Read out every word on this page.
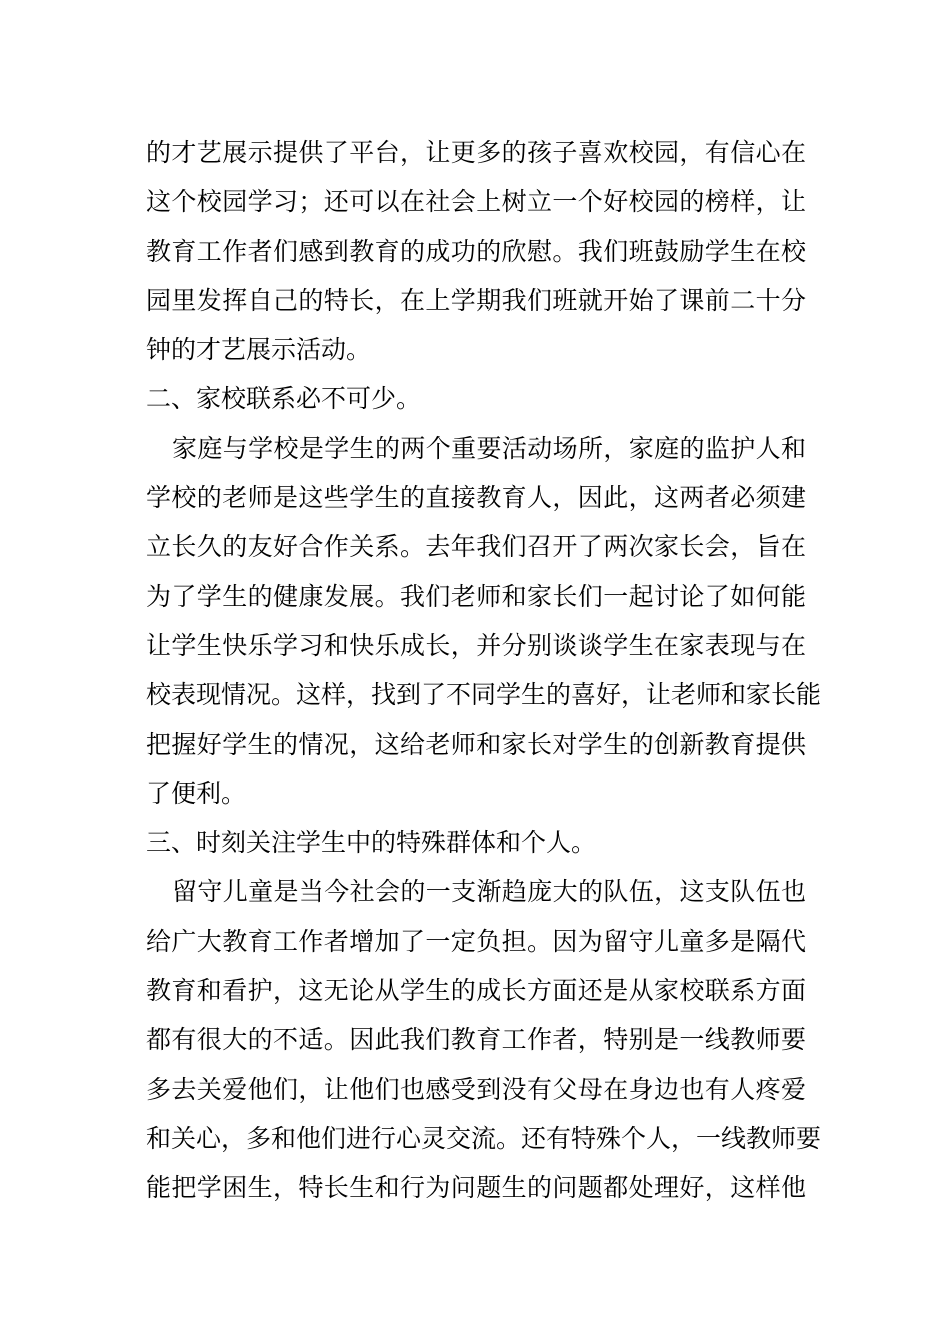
的才艺展示提供了平台，让更多的孩子喜欢校园，有信心在
这个校园学习；还可以在社会上树立一个好校园的榜样，让
教育工作者们感到教育的成功的欣慰。我们班鼓励学生在校
园里发挥自己的特长，在上学期我们班就开始了课前二十分
钟的才艺展示活动。
二、家校联系必不可少。
家庭与学校是学生的两个重要活动场所，家庭的监护人和
学校的老师是这些学生的直接教育人，因此，这两者必须建
立长久的友好合作关系。去年我们召开了两次家长会，旨在
为了学生的健康发展。我们老师和家长们一起讨论了如何能
让学生快乐学习和快乐成长，并分别谈谈学生在家表现与在
校表现情况。这样，找到了不同学生的喜好，让老师和家长能
把握好学生的情况，这给老师和家长对学生的创新教育提供
了便利。
三、时刻关注学生中的特殊群体和个人。
留守儿童是当今社会的一支渐趋庞大的队伍，这支队伍也
给广大教育工作者增加了一定负担。因为留守儿童多是隔代
教育和看护，这无论从学生的成长方面还是从家校联系方面
都有很大的不适。因此我们教育工作者，特别是一线教师要
多去关爱他们，让他们也感受到没有父母在身边也有人疼爱
和关心，多和他们进行心灵交流。还有特殊个人，一线教师要
能把学困生，特长生和行为问题生的问题都处理好，这样他
